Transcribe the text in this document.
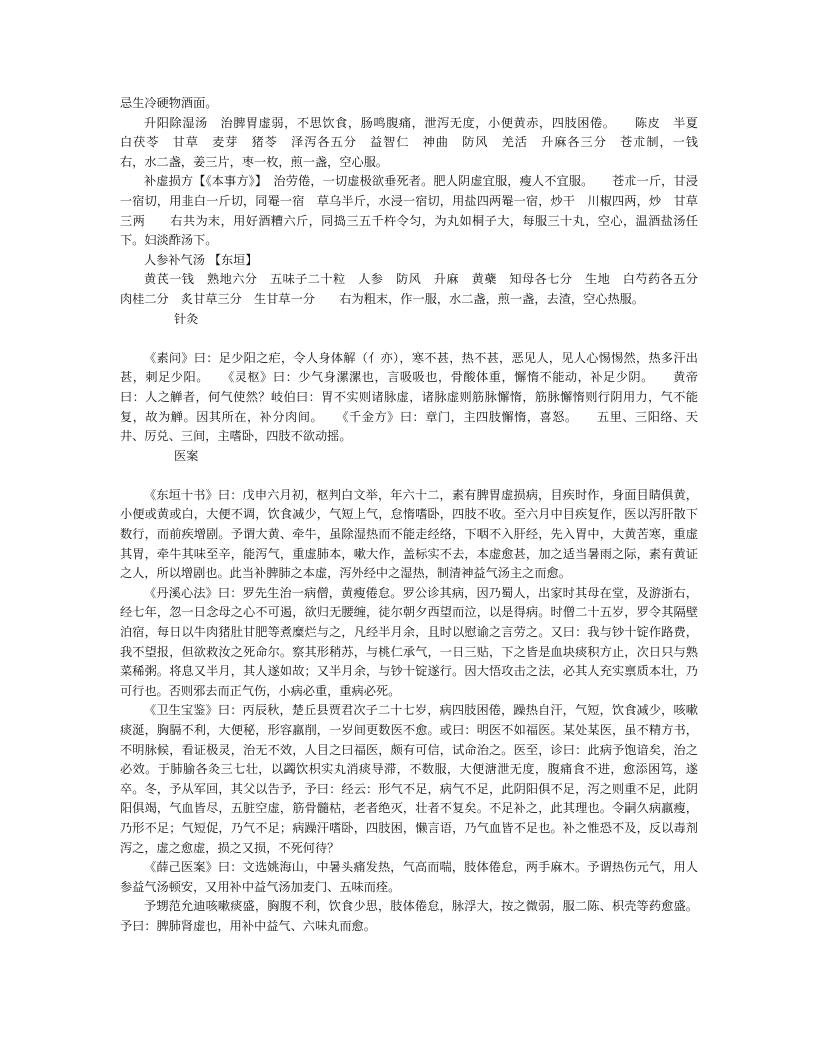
忌生冷硬物酒面。

升阳除湿汤　治脾胃虚弱，不思饮食，肠鸣腹痛，泄泻无度，小便黄赤，四肢困倦。　　陈皮　半夏　白茯苓　甘草　麦芽　猪苓　泽泻各五分　益智仁　神曲　防风　羌活　升麻各三分　苍朮制，一钱　　右，水二盏，姜三片，枣一枚，煎一盏，空心服。

补虚损方【《本事方》】　治劳倦，一切虚极欲垂死者。肥人阴虚宜服，瘦人不宜服。　　苍朮一斤，甘浸一宿切，用韭白一斤切，同罨一宿　草乌半斤，水浸一宿切，用盐四两罨一宿，炒干　川椒四两，炒　甘草三两　　右共为末，用好酒糟六斤，同捣三五千杵令匀，为丸如桐子大，每服三十丸，空心，温酒盐汤任下。妇淡酢汤下。

人参补气汤 【东垣】

黄芪一钱　熟地六分　五味子二十粒　人参　防风　升麻　黄蘗　知母各七分　生地　白芍药各五分　肉桂二分　炙甘草三分　生甘草一分　　右为粗末，作一服，水二盏，煎一盏，去渣，空心热服。

针灸

《素问》曰：足少阳之疟，令人身体解（亻亦），寒不甚，热不甚，恶见人，见人心惕惕然，热多汗出甚，刺足少阳。　　《灵枢》曰：少气身漯漯也，言吸吸也，骨酸体重，懈惰不能动，补足少阴。　　黄帝曰：人之觯者，何气使然？岐伯曰：胃不实则诸脉虚，诸脉虚则筋脉懈惰，筋脉懈惰则行阴用力，气不能复，故为觯。因其所在，补分肉间。　　《千金方》曰：章门，主四肢懈惰，喜怒。　　五里、三阳络、天井、厉兑、三间，主嗜卧，四肢不欲动摇。

医案

《东垣十书》曰：戊申六月初，枢判白文举，年六十二，素有脾胃虚损病，目疾时作，身面目睛俱黄，小便或黄或白，大便不调，饮食减少，气短上气，怠惰嗜卧，四肢不收。至六月中目疾复作，医以泻肝散下数行，而前疾增剧。予谓大黄、牵牛，虽除湿热而不能走经络，下咽不入肝经，先入胃中，大黄苦寒，重虚其胃，牵牛其味至辛，能泻气，重虚肺本，嗽大作，盖标实不去，本虚愈甚，加之适当暑雨之际，素有黄证之人，所以增剧也。此当补脾肺之本虚，泻外经中之湿热，制清神益气汤主之而愈。

《丹溪心法》曰：罗先生治一病僧，黄瘦倦怠。罗公诊其病，因乃蜀人，出家时其母在堂，及游浙右，经七年，忽一日念母之心不可遏，欲归无腰缠，徒尔朝夕西望而泣，以是得病。时僧二十五岁，罗令其隔壁泊宿，每日以牛肉猪肚甘肥等煮糜烂与之，凡经半月余，且时以慰谕之言劳之。又曰：我与钞十锭作路费，我不望报，但欲救汝之死命尔。察其形稍苏，与桃仁承气，一日三贴，下之皆是血块痰积方止，次日只与熟菜稀粥。将息又半月，其人遂如故；又半月余，与钞十锭遂行。因大悟攻击之法，必其人充实禀质本壮，乃可行也。否则邪去而正气伤，小病必重，重病必死。

《卫生宝鉴》曰：丙辰秋，楚丘县贾君次子二十七岁，病四肢困倦，躁热自汗，气短，饮食减少，咳嗽痰涎，胸膈不利，大便秘，形容羸削，一岁间更数医不愈。或曰：明医不如福医。某处某医，虽不精方书，不明脉候，看证极灵，治无不效，人目之曰福医，颇有可信，试命治之。医至，诊曰：此病予饱谙矣，治之必效。于肺腧各灸三七壮，以蠲饮枳实丸消痰导滞，不数服，大便溏泄无度，腹痛食不进，愈添困笃，遂卒。冬，予从军回，其父以告予，予曰：经云：形气不足，病气不足，此阴阳俱不足，泻之则重不足，此阴阳俱竭，气血皆尽，五脏空虚，筋骨髓枯，老者绝灭，壮者不复矣。不足补之，此其理也。令嗣久病羸瘦，乃形不足；气短促，乃气不足；病躁汗嗜卧，四肢困，懒言语，乃气血皆不足也。补之惟恐不及，反以毒剂泻之，虚之愈虚，损之又损，不死何待？

《薛己医案》曰：文选姚海山，中暑头痛发热，气高而喘，肢体倦怠，两手麻木。予谓热伤元气，用人参益气汤顿安，又用补中益气汤加麦门、五味而痊。

予甥范允迪咳嗽痰盛，胸腹不利，饮食少思，肢体倦怠，脉浮大，按之微弱，服二陈、枳壳等药愈盛。予曰：脾肺肾虚也，用补中益气、六味丸而愈。
